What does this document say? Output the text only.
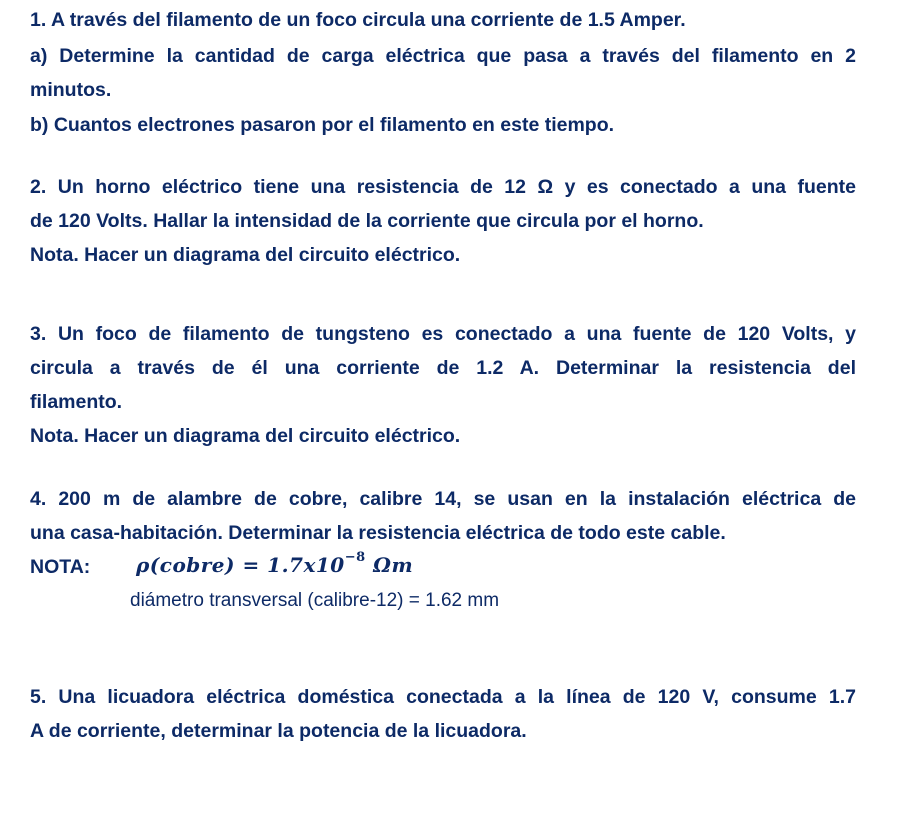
1. A través del filamento de un foco circula una corriente de 1.5 Amper.
a) Determine la cantidad de carga eléctrica que pasa a través del filamento en 2
minutos.
b) Cuantos electrones pasaron por el filamento en este tiempo.
2. Un horno eléctrico tiene una resistencia de 12 Ω y es conectado a una fuente
de 120 Volts. Hallar la intensidad de la corriente que circula por el horno.
Nota. Hacer un diagrama del circuito eléctrico.
3. Un foco de filamento de tungsteno es conectado a una fuente de 120 Volts, y
circula a través de él una corriente de 1.2 A. Determinar la resistencia del
filamento.
Nota. Hacer un diagrama del circuito eléctrico.
4. 200 m de alambre de cobre, calibre 14, se usan en la instalación eléctrica de
una casa-habitación. Determinar la resistencia eléctrica de todo este cable.
NOTA: ρ(cobre) = $1.7x10^{-8}$ Ωm
diámetro transversal (calibre-12) = 1.62 mm
5. Una licuadora eléctrica doméstica conectada a la línea de 120 V, consume 1.7
A de corriente, determinar la potencia de la licuadora.
